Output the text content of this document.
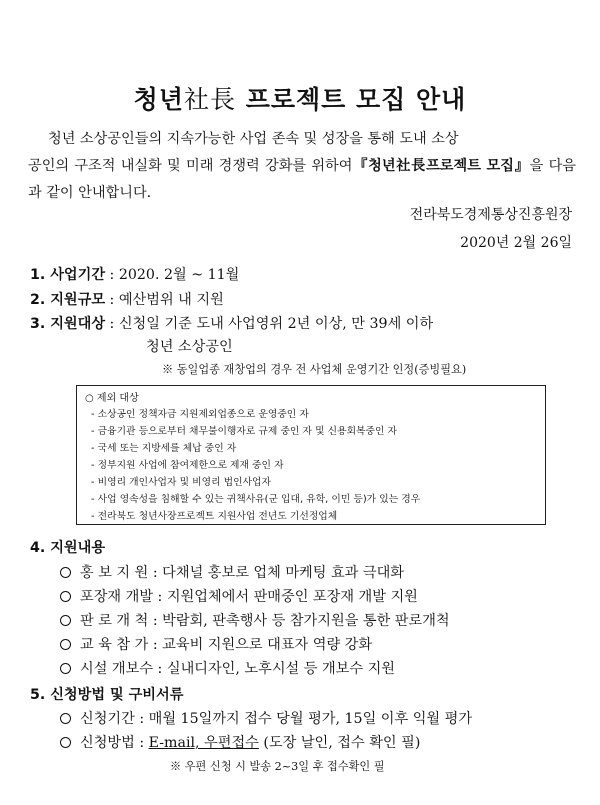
청년社長 프로젝트 모집 안내
청년 소상공인들의 지속가능한 사업 존속 및 성장을 통해 도내 소상
공인의 구조적 내실화 및 미래 경쟁력 강화를 위하여『청년社長프로젝트 모집』을 다음과 같이 안내합니다.
전라북도경제통상진흥원장
2020년 2월 26일
1. 사업기간 : 2020. 2월 ~ 11월
2. 지원규모 : 예산범위 내 지원
3. 지원대상 : 신청일 기준 도내 사업영위 2년 이상, 만 39세 이하
청년 소상공인
※ 동일업종 재창업의 경우 전 사업체 운영기간 인정(증빙필요)
○ 제외 대상
- 소상공인 정책자금 지원제외업종으로 운영중인 자
- 금융기관 등으로부터 채무불이행자로 규제 중인 자 및 신용회복중인 자
- 국세 또는 지방세를 체납 중인 자
- 정부지원 사업에 참여제한으로 제재 중인 자
- 비영리 개인사업자 및 비영리 법인사업자
- 사업 영속성을 침해할 수 있는 귀책사유(군 입대, 유학, 이민 등)가 있는 경우
- 전라북도 청년사장프로젝트 지원사업 전년도 기선정업체
4. 지원내용
홍 보 지 원 : 다채널 홍보로 업체 마케팅 효과 극대화
포장재 개발 : 지원업체에서 판매중인 포장재 개발 지원
판 로 개 척 : 박람회, 판촉행사 등 참가지원을 통한 판로개척
교 육 참 가 : 교육비 지원으로 대표자 역량 강화
시설 개보수 : 실내디자인, 노후시설 등 개보수 지원
5. 신청방법 및 구비서류
신청기간 : 매월 15일까지 접수 당월 평가, 15일 이후 익월 평가
신청방법 : E-mail, 우편접수 (도장 날인, 접수 확인 필)
※ 우편 신청 시 발송 2~3일 후 접수확인 필
